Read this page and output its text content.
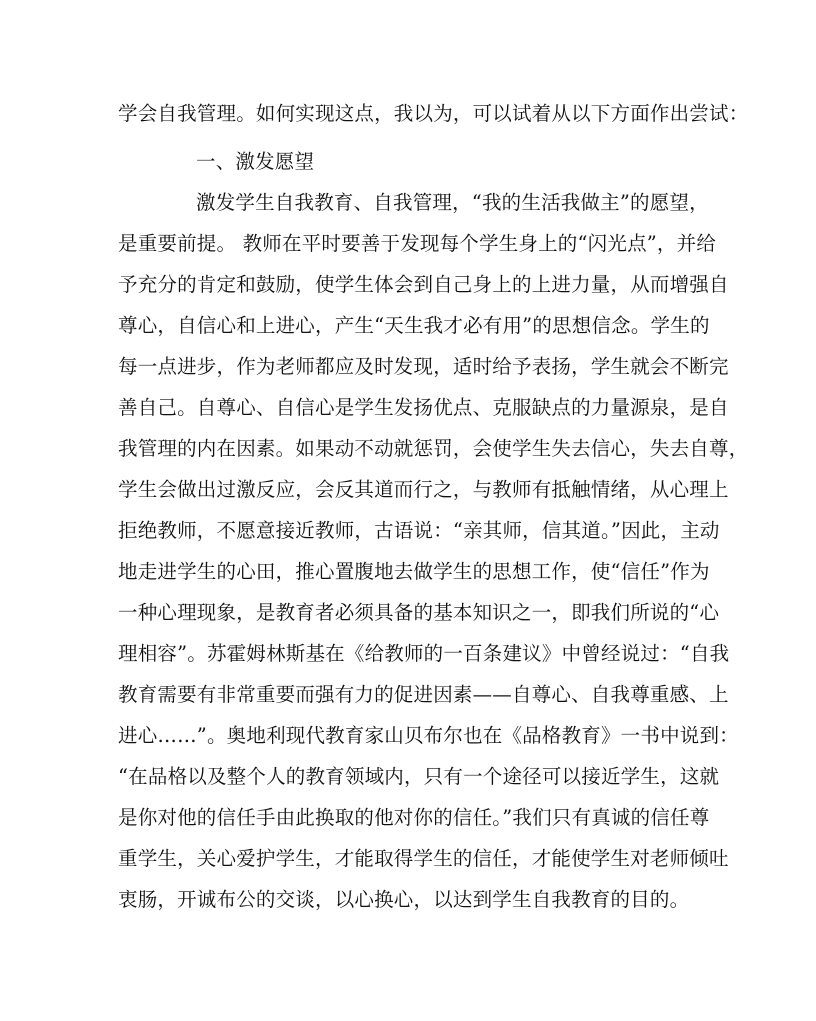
学会自我管理。如何实现这点，我以为，可以试着从以下方面作出尝试：
一、激发愿望
激发学生自我教育、自我管理，“我的生活我做主”的愿望，
是重要前提。 教师在平时要善于发现每个学生身上的“闪光点”，并给
予充分的肯定和鼓励，使学生体会到自己身上的上进力量，从而增强自
尊心，自信心和上进心，产生“天生我才必有用”的思想信念。学生的
每一点进步，作为老师都应及时发现，适时给予表扬，学生就会不断完
善自己。自尊心、自信心是学生发扬优点、克服缺点的力量源泉，是自
我管理的内在因素。如果动不动就惩罚，会使学生失去信心，失去自尊，
学生会做出过激反应，会反其道而行之，与教师有抵触情绪，从心理上
拒绝教师，不愿意接近教师，古语说：“亲其师，信其道。”因此，主动
地走进学生的心田，推心置腹地去做学生的思想工作，使“信任”作为
一种心理现象，是教育者必须具备的基本知识之一，即我们所说的“心
理相容”。苏霍姆林斯基在《给教师的一百条建议》中曾经说过：“自我
教育需要有非常重要而强有力的促进因素——自尊心、自我尊重感、上
进心……”。奥地利现代教育家山贝布尔也在《品格教育》一书中说到：
“在品格以及整个人的教育领域内，只有一个途径可以接近学生，这就
是你对他的信任手由此换取的他对你的信任。”我们只有真诚的信任尊
重学生，关心爱护学生，才能取得学生的信任，才能使学生对老师倾吐
衷肠，开诚布公的交谈，以心换心，以达到学生自我教育的目的。
